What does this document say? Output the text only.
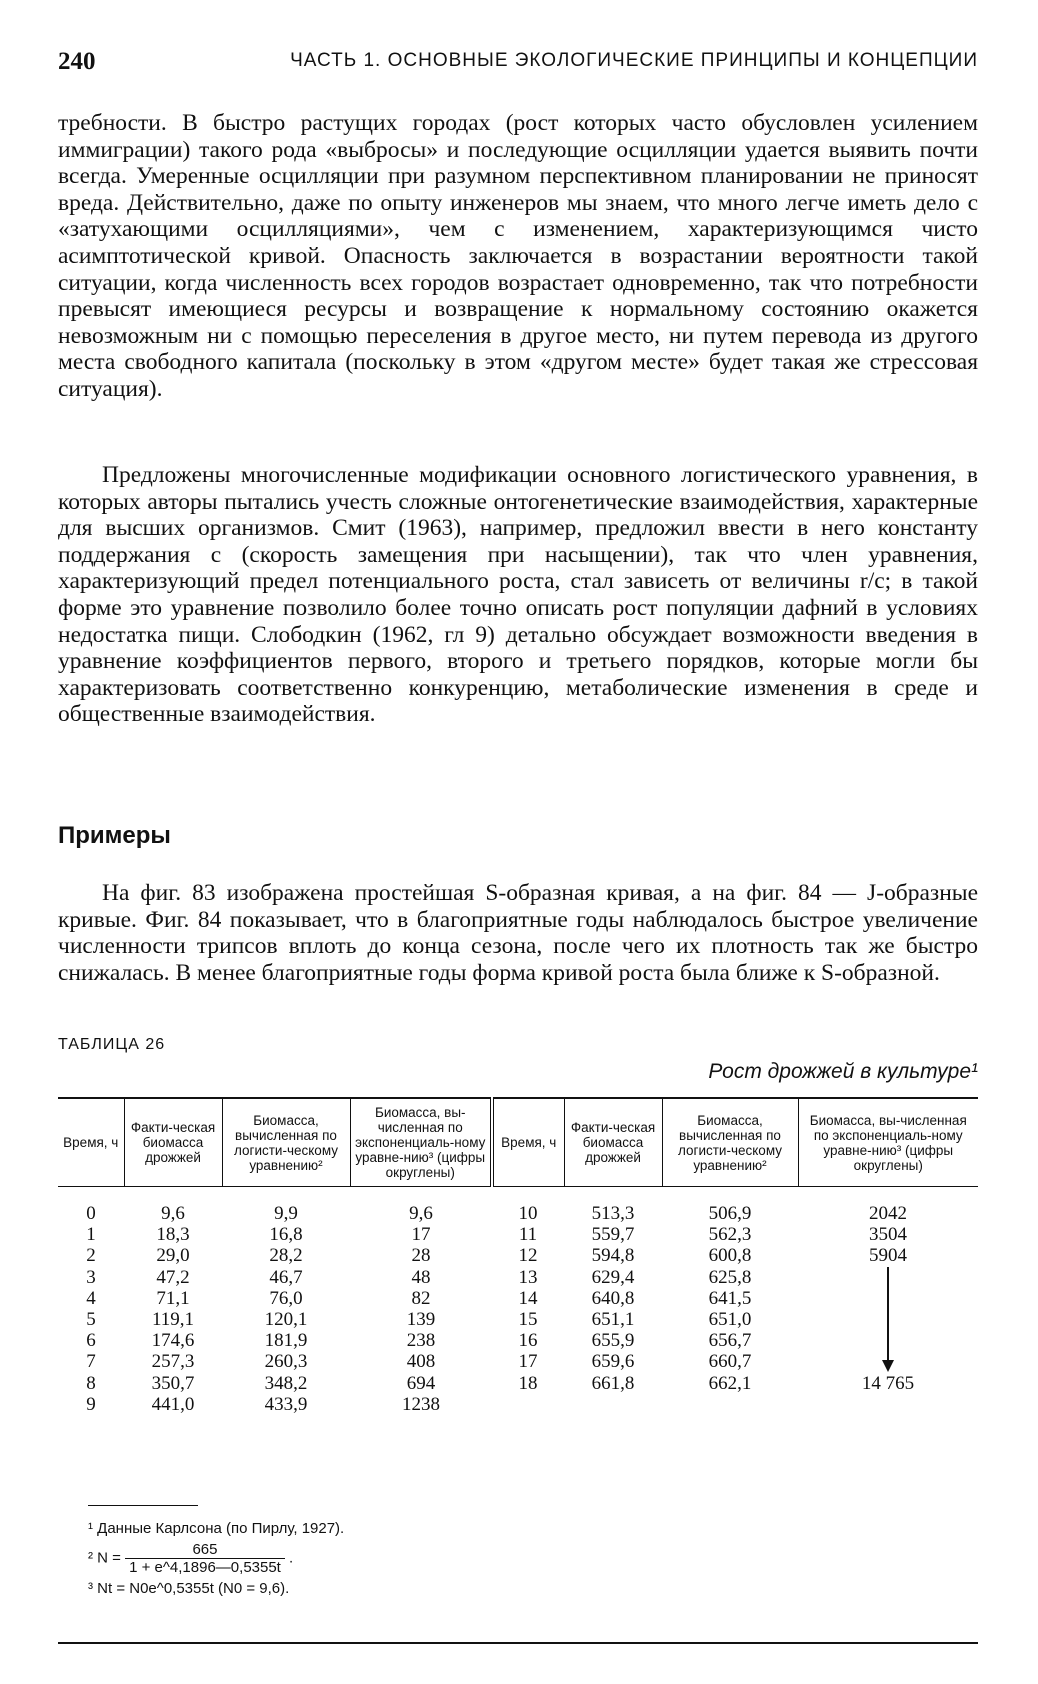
240	ЧАСТЬ 1. ОСНОВНЫЕ ЭКОЛОГИЧЕСКИЕ ПРИНЦИПЫ И КОНЦЕПЦИИ
требности. В быстро растущих городах (рост которых часто обусловлен усилением иммиграции) такого рода «выбросы» и последующие осцилляции удается выявить почти всегда. Умеренные осцилляции при разумном перспективном планировании не приносят вреда. Действительно, даже по опыту инженеров мы знаем, что много легче иметь дело с «затухающими осцилляциями», чем с изменением, характеризующимся чисто асимптотической кривой. Опасность заключается в возрастании вероятности такой ситуации, когда численность всех городов возрастает одновременно, так что потребности превысят имеющиеся ресурсы и возвращение к нормальному состоянию окажется невозможным ни с помощью переселения в другое место, ни путем перевода из другого места свободного капитала (поскольку в этом «другом месте» будет такая же стрессовая ситуация).
Предложены многочисленные модификации основного логистического уравнения, в которых авторы пытались учесть сложные онтогенетические взаимодействия, характерные для высших организмов. Смит (1963), например, предложил ввести в него константу поддержания c (скорость замещения при насыщении), так что член уравнения, характеризующий предел потенциального роста, стал зависеть от величины r/c; в такой форме это уравнение позволило более точно описать рост популяции дафний в условиях недостатка пищи. Слободкин (1962, гл 9) детально обсуждает возможности введения в уравнение коэффициентов первого, второго и третьего порядков, которые могли бы характеризовать соответственно конкуренцию, метаболические изменения в среде и общественные взаимодействия.
Примеры
На фиг. 83 изображена простейшая S-образная кривая, а на фиг. 84 — J-образные кривые. Фиг. 84 показывает, что в благоприятные годы наблюдалось быстрое увеличение численности трипсов вплоть до конца сезона, после чего их плотность так же быстро снижалась. В менее благоприятные годы форма кривой роста была ближе к S-образной.
ТАБЛИЦА 26
Рост дрожжей в культуре¹
Время, ч	Факти-ческая биомасса дрожжей	Биомасса, вычисленная по логисти-ческому уравнению²	Биомасса, вы-численная по экспоненциаль-ному уравне-нию³ (цифры округлены)	Время, ч	Факти-ческая биомасса дрожжей	Биомасса, вычисленная по логисти-ческому уравнению²	Биомасса, вы-численная по экспоненциаль-ному уравне-нию³ (цифры округлены)
0	9,6	9,9	9,6	10	513,3	506,9	2042
1	18,3	16,8	17	11	559,7	562,3	3504
2	29,0	28,2	28	12	594,8	600,8	5904
3	47,2	46,7	48	13	629,4	625,8	

4	71,1	76,0	82	14	640,8	641,5	
5	119,1	120,1	139	15	651,1	651,0	
6	174,6	181,9	238	16	655,9	656,7	
7	257,3	260,3	408	17	659,6	660,7	
8	350,7	348,2	694	18	661,8	662,1	14 765
9	441,0	433,9	1238				
¹ Данные Карлсона (по Пирлу, 1927).
² $N = \frac{665}{1 + e\^{}4,1896—0,5355t}$ .
³ Nt = N0e^0,5355t (N0 = 9,6).
